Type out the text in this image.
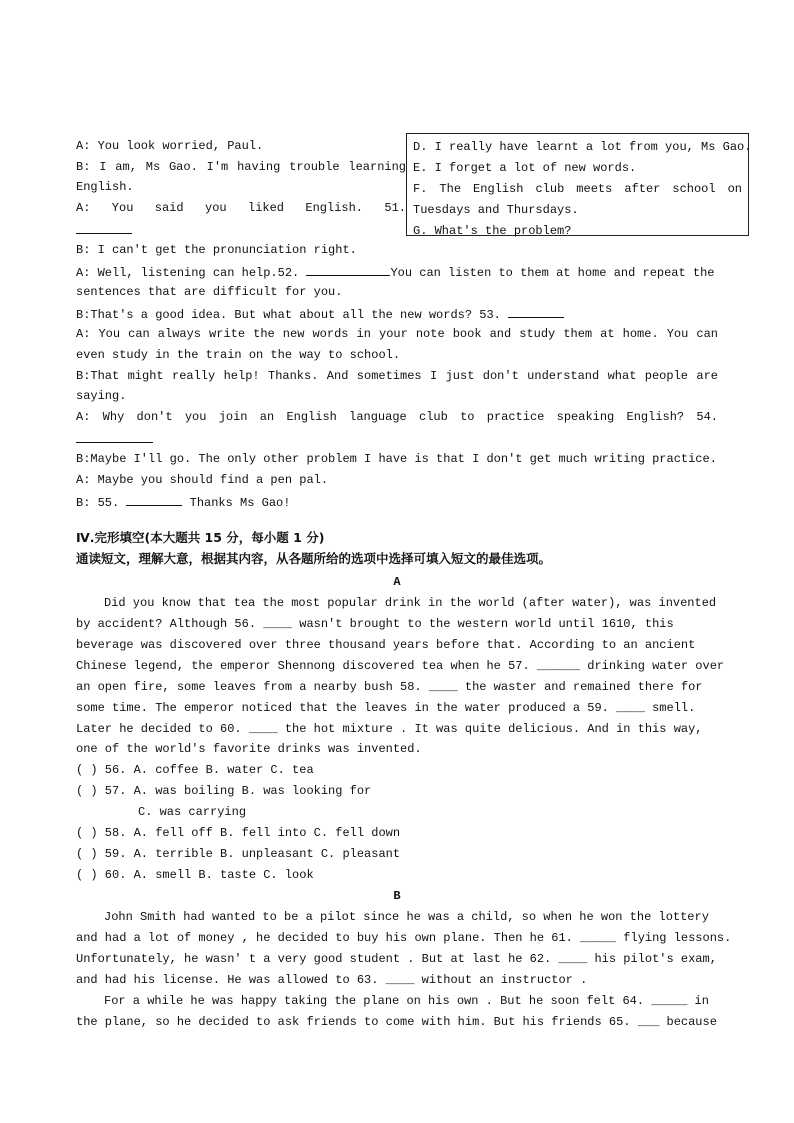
A: You look worried, Paul.
B: I am, Ms Gao. I'm having trouble learning
English.
A: You said you liked English. 51.
B: I can't get the pronunciation right.
A: Well, listening can help.52.	You can listen to them at home and repeat the
sentences that are difficult for you.
B:That's a good idea. But what about all the new words? 53.
A: You can always write the new words in your note book and study them at home. You can
even study in the train on the way to school.
B:That might really help! Thanks. And sometimes I just don't understand what people are
saying.
A: Why don't you join an English language club to practice speaking English? 54.
B:Maybe I'll go. The only other problem I have is that I don't get much writing practice.
A: Maybe you should find a pen pal.
B: 55.	Thanks Ms Gao!
Ⅳ.完形填空(本大题共 15 分，每小题 1 分)
通读短文，理解大意，根据其内容，从各题所给的选项中选择可填入短文的最佳选项。
A
Did you know that tea the most popular drink in the world (after water), was invented
by accident? Although 56. ____ wasn't brought to the western world until 1610, this
beverage was discovered over three thousand years before that. According to an ancient
Chinese legend, the emperor Shennong discovered tea when he 57. ______ drinking water over
an open fire, some leaves from a nearby bush 58. ____ the waster and remained there for
some time. The emperor noticed that the leaves in the water produced a 59. ____ smell.
Later he decided to 60. ____ the hot mixture . It was quite delicious. And in this way,
one of the world's favorite drinks was invented.
( ) 56. A. coffee B. water C. tea
( ) 57. A. was boiling B. was looking for
C. was carrying
( ) 58. A. fell off B. fell into C. fell down
( ) 59. A. terrible B. unpleasant C. pleasant
( ) 60. A. smell B. taste C. look
B
John Smith had wanted to be a pilot since he was a child, so when he won the lottery
and had a lot of money , he decided to buy his own plane. Then he 61. _____ flying lessons.
Unfortunately, he wasn' t a very good student . But at last he 62. ____ his pilot's exam,
and had his license. He was allowed to 63. ____ without an instructor .
For a while he was happy taking the plane on his own . But he soon felt 64. _____ in
the plane, so he decided to ask friends to come with him. But his friends 65. ___ because
D. I really have learnt a lot from you, Ms Gao.
E. I forget a lot of new words.
F. The English club meets after school on
Tuesdays and Thursdays.
G. What's the problem?
